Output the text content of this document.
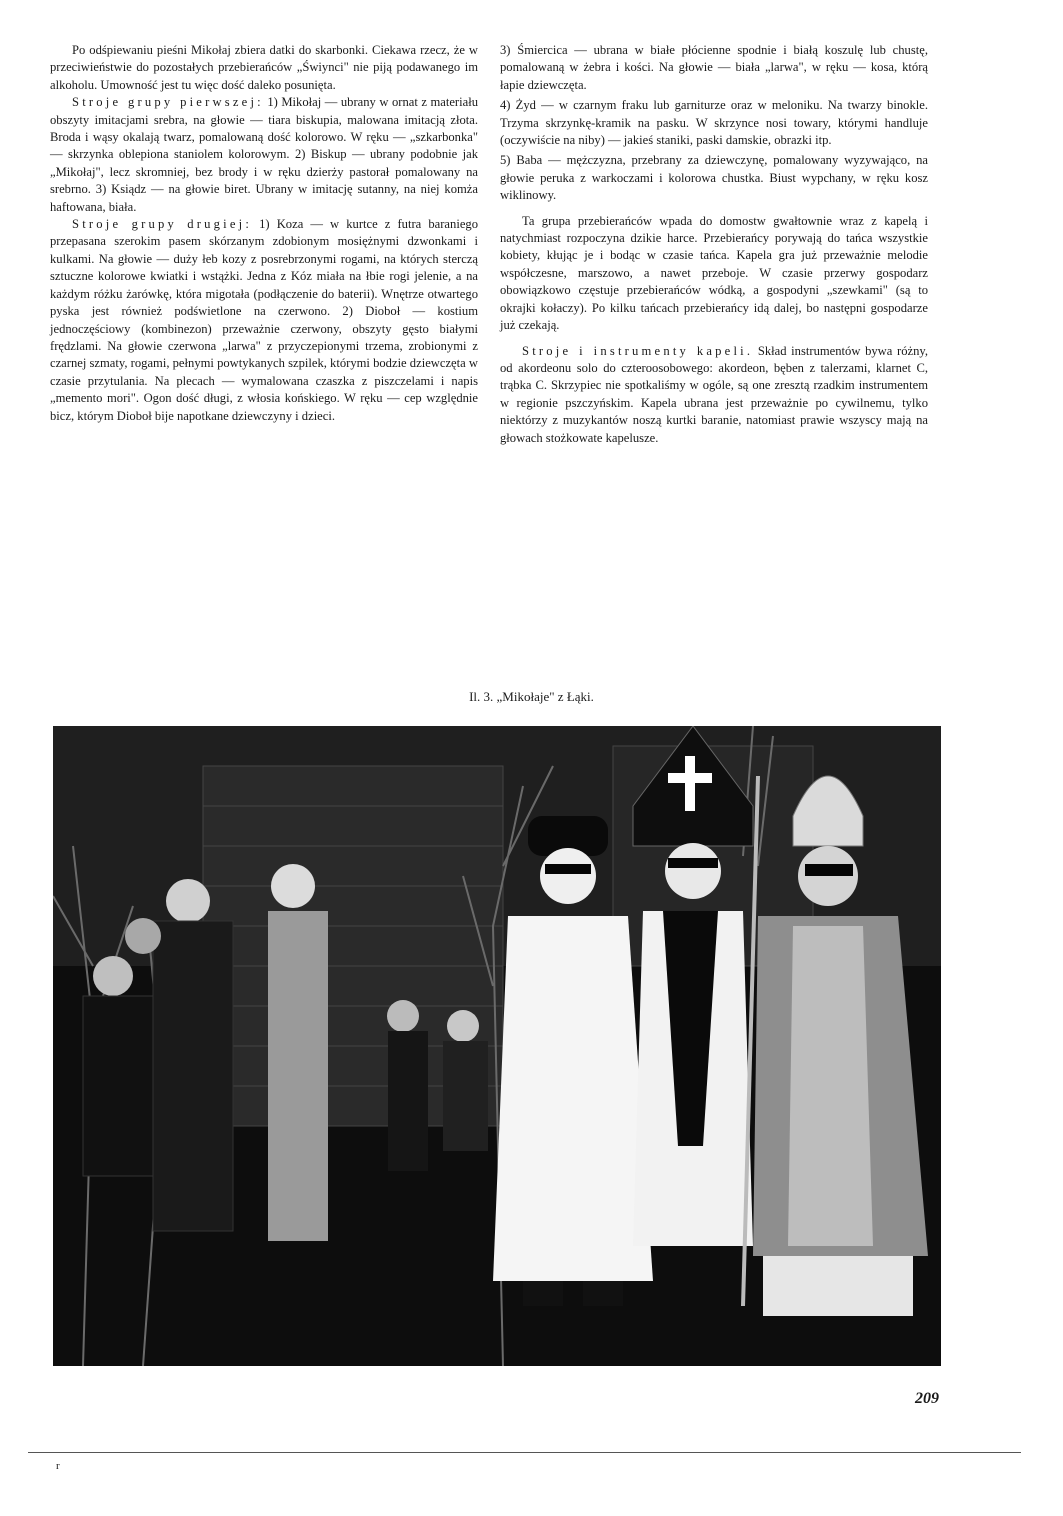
Po odśpiewaniu pieśni Mikołaj zbiera datki do skarbonki. Ciekawa rzecz, że w przeciwieństwie do pozostałych przebierańców „Świynci" nie piją podawanego im alkoholu. Umowność jest tu więc dość daleko posunięta.

Stroje grupy pierwszej: 1) Mikołaj — ubrany w ornat z materiału obszyty imitacjami srebra, na głowie — tiara biskupia, malowana imitacją złota. Broda i wąsy okalają twarz, pomalowaną dość kolorowo. W ręku — „szkarbonka" — skrzynka oblepiona staniolem kolorowym. 2) Biskup — ubrany podobnie jak „Mikołaj", lecz skromniej, bez brody i w ręku dzierży pastorał pomalowany na srebrno. 3) Ksiądz — na głowie biret. Ubrany w imitację sutanny, na niej komża haftowana, biała.

Stroje grupy drugiej: 1) Koza — w kurtce z futra baraniego przepasana szerokim pasem skórzanym zdobionym mosiężnymi dzwonkami i kulkami. Na głowie — duży łeb kozy z posrebrzonymi rogami, na których sterczą sztuczne kolorowe kwiatki i wstążki. Jedna z Kóz miała na łbie rogi jelenie, a na każdym różku żarówkę, która migotała (podłączenie do baterii). Wnętrze otwartego pyska jest również podświetlone na czerwono. 2) Dioboł — kostium jednoczęściowy (kombinezon) przeważnie czerwony, obszyty gęsto białymi frędzlami. Na głowie czerwona „larwa" z przyczepionymi trzema, zrobionymi z czarnej szmaty, rogami, pełnymi powtykanych szpilek, którymi bodzie dziewczęta w czasie przytulania. Na plecach — wymalowana czaszka z piszczelami i napis „memento mori". Ogon dość długi, z włosia końskiego. W ręku — cep względnie bicz, którym Dioboł bije napotkane dziewczyny i dzieci.

3) Śmiercica — ubrana w białe płócienne spodnie i białą koszulę lub chustę, pomalowaną w żebra i kości. Na głowie — biała „larwa", w ręku — kosa, którą łapie dziewczęta.

4) Żyd — w czarnym fraku lub garniturze oraz w meloniku. Na twarzy binokle. Trzyma skrzynkę-kramik na pasku. W skrzynce nosi towary, którymi handluje (oczywiście na niby) — jakieś staniki, paski damskie, obrazki itp.

5) Baba — mężczyzna, przebrany za dziewczynę, pomalowany wyzywająco, na głowie peruka z warkoczami i kolorowa chustka. Biust wypchany, w ręku kosz wiklinowy.

Ta grupa przebierańców wpada do domostw gwałtownie wraz z kapelą i natychmiast rozpoczyna dzikie harce. Przebierańcy porywają do tańca wszystkie kobiety, kłując je i bodąc w czasie tańca. Kapela gra już przeważnie melodie współczesne, marszowo, a nawet przeboje. W czasie przerwy gospodarz obowiązkowo częstuje przebierańców wódką, a gospodyni „szewkami" (są to okrajki kołaczy). Po kilku tańcach przebierańcy idą dalej, bo następni gospodarze już czekają.

Stroje i instrumenty kapeli. Skład instrumentów bywa różny, od akordeonu solo do czteroosobowego: akordeon, bęben z talerzami, klarnet C, trąbka C. Skrzypiec nie spotkaliśmy w ogóle, są one zresztą rzadkim instrumentem w regionie pszczyńskim. Kapela ubrana jest przeważnie po cywilnemu, tylko niektórzy z muzykantów noszą kurtki baranie, natomiast prawie wszyscy mają na głowach stożkowate kapelusze.

Il. 3. „Mikołaje" z Łąki.
209
r
